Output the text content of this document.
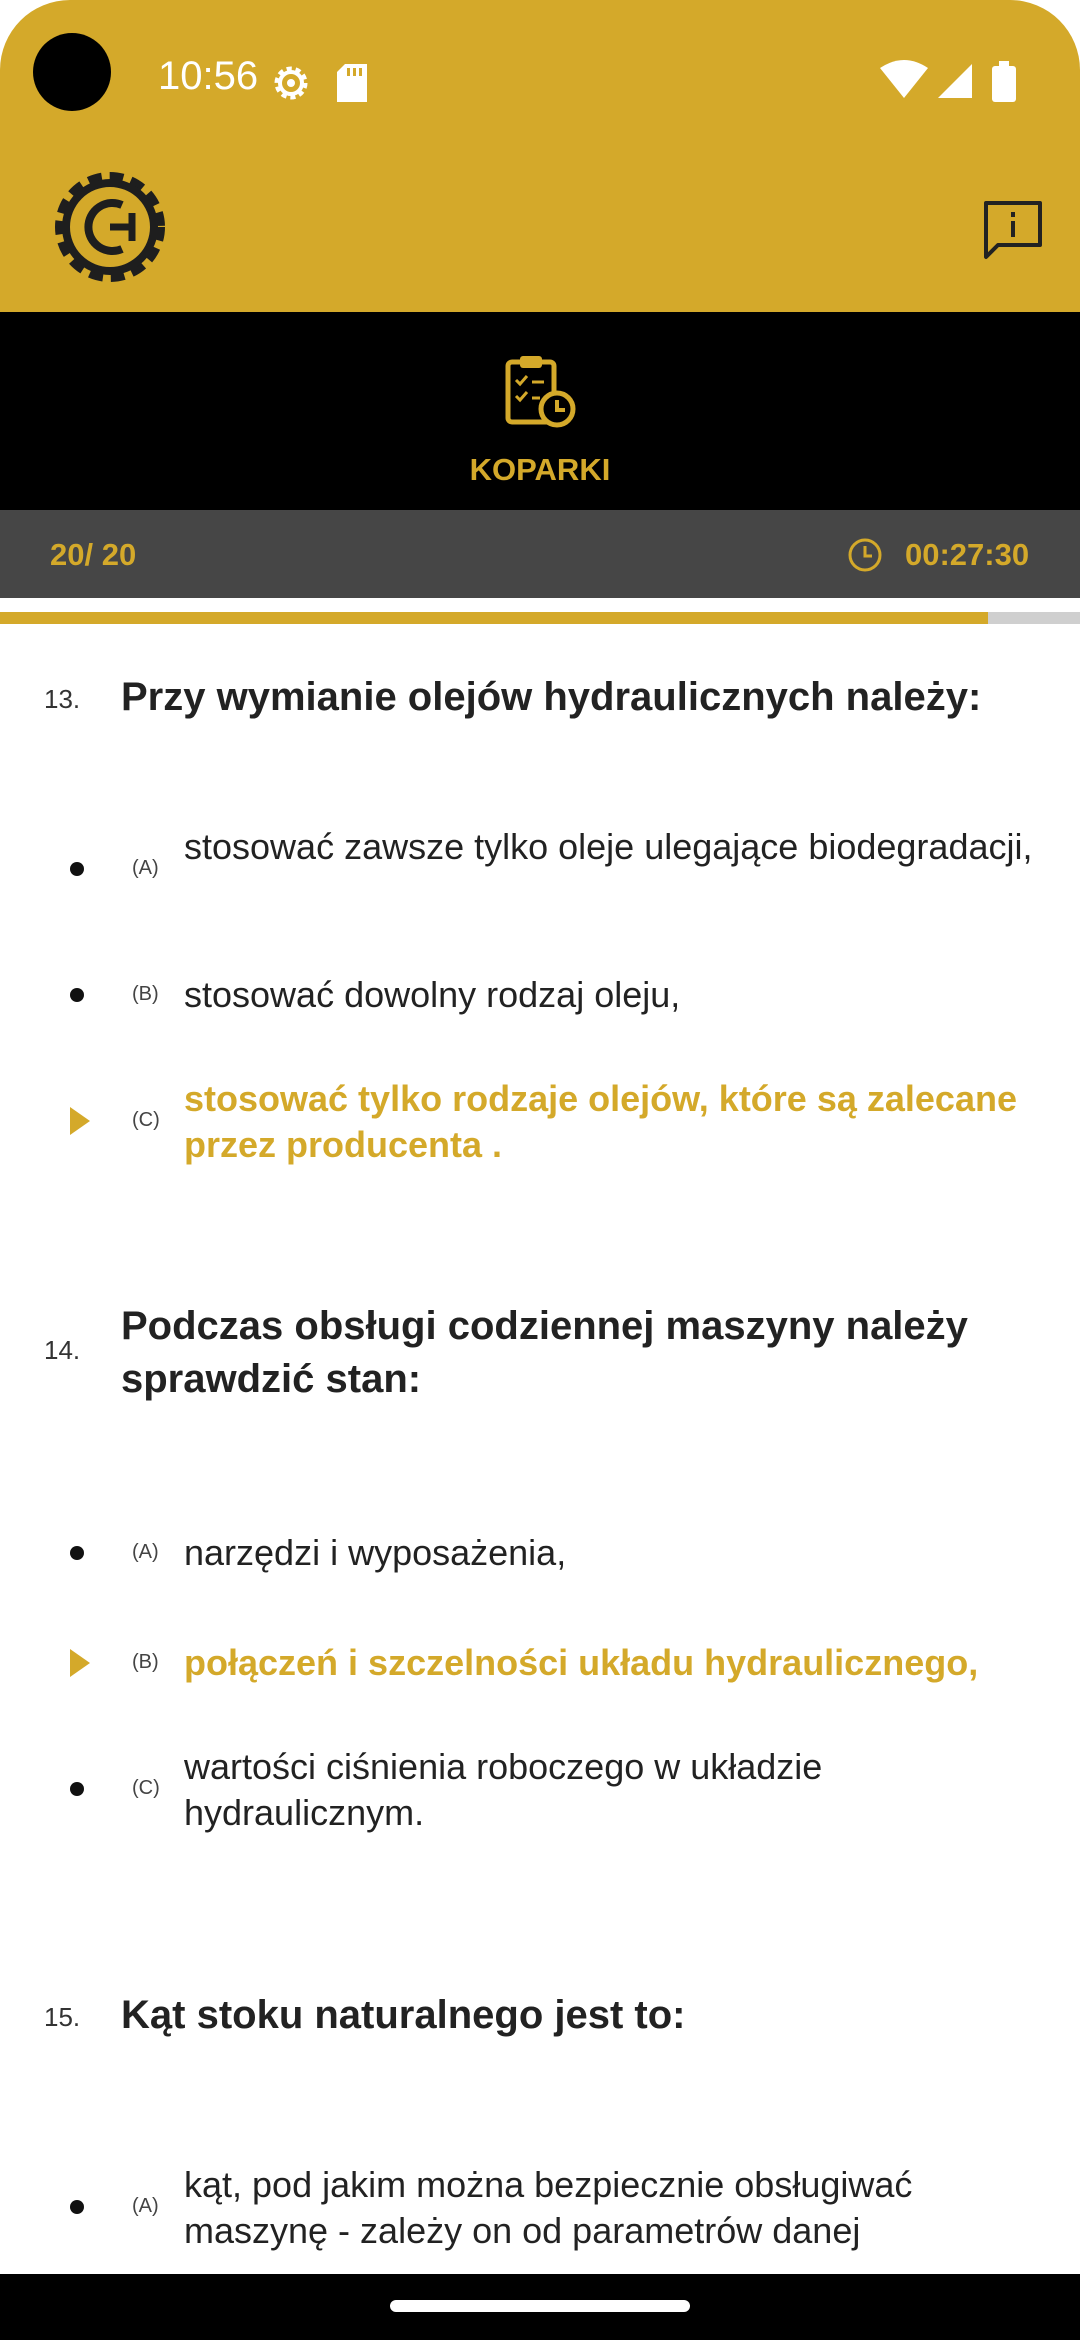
10:56
KOPARKI
20/ 20	00:27:30
13. Przy wymianie olejów hydraulicznych należy:
(A)
stosować zawsze tylko oleje ulegające biodegradacji,
(B) stosować dowolny rodzaj oleju,
(C)
stosować tylko rodzaje olejów, które są zalecane przez producenta .
14.
Podczas obsługi codziennej maszyny należy sprawdzić stan:
(A) narzędzi i wyposażenia,
(B) połączeń i szczelności układu hydraulicznego,
(C)
wartości ciśnienia roboczego w układzie hydraulicznym.
15. Kąt stoku naturalnego jest to:
(A)
kąt, pod jakim można bezpiecznie obsługiwać maszynę - zależy on od parametrów danej
